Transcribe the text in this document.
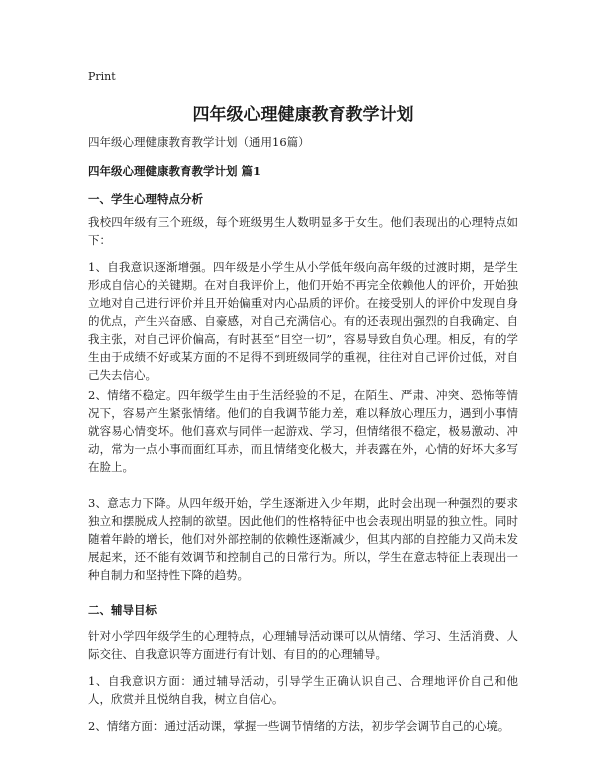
Print
四年级心理健康教育教学计划

四年级心理健康教育教学计划（通用16篇）

四年级心理健康教育教学计划 篇1

一、学生心理特点分析

我校四年级有三个班级，每个班级男生人数明显多于女生。他们表现出的心理特点如下：

1、自我意识逐渐增强。四年级是小学生从小学低年级向高年级的过渡时期，是学生形成自信心的关键期。在对自我评价上，他们开始不再完全依赖他人的评价，开始独立地对自己进行评价并且开始偏重对内心品质的评价。在接受别人的评价中发现自身的优点，产生兴奋感、自豪感，对自己充满信心。有的还表现出强烈的自我确定、自我主张，对自己评价偏高，有时甚至“目空一切”，容易导致自负心理。相反，有的学生由于成绩不好或某方面的不足得不到班级同学的重视，往往对自己评价过低，对自己失去信心。

2、情绪不稳定。四年级学生由于生活经验的不足，在陌生、严肃、冲突、恐怖等情况下，容易产生紧张情绪。他们的自我调节能力差，难以释放心理压力，遇到小事情就容易心情变坏。他们喜欢与同伴一起游戏、学习，但情绪很不稳定，极易激动、冲动，常为一点小事而面红耳赤，而且情绪变化极大，并表露在外，心情的好坏大多写在脸上。

3、意志力下降。从四年级开始，学生逐渐进入少年期，此时会出现一种强烈的要求独立和摆脱成人控制的欲望。因此他们的性格特征中也会表现出明显的独立性。同时随着年龄的增长，他们对外部控制的依赖性逐渐减少，但其内部的自控能力又尚未发展起来，还不能有效调节和控制自己的日常行为。所以，学生在意志特征上表现出一种自制力和坚持性下降的趋势。

二、辅导目标

针对小学四年级学生的心理特点，心理辅导活动课可以从情绪、学习、生活消费、人际交往、自我意识等方面进行有计划、有目的的心理辅导。

1、自我意识方面：通过辅导活动，引导学生正确认识自己、合理地评价自己和他人，欣赏并且悦纳自我，树立自信心。

2、情绪方面：通过活动课，掌握一些调节情绪的方法，初步学会调节自己的心境。
